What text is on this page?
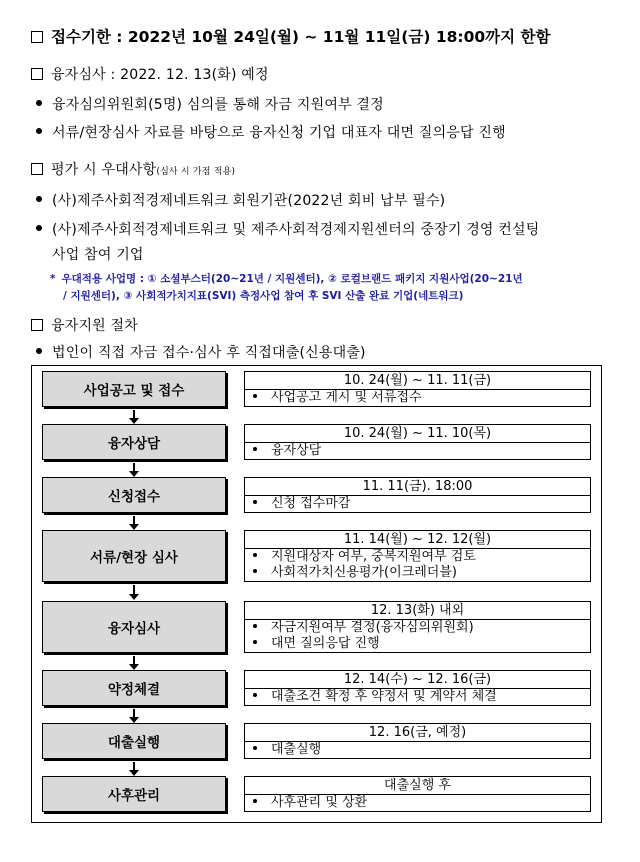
접수기한 : 2022년 10월 24일(월) ~ 11월 11일(금) 18:00까지 한함
융자심사 : 2022. 12. 13(화) 예정
융자심의위원회(5명) 심의를 통해 자금 지원여부 결정
서류/현장심사 자료를 바탕으로 융자신청 기업 대표자 대면 질의응답 진행
평가 시 우대사항(심사 시 가점 적용)
(사)제주사회적경제네트워크 회원기관(2022년 회비 납부 필수)
(사)제주사회적경제네트워크 및 제주사회적경제지원센터의 중장기 경영 컨설팅
사업 참여 기업
* 우대적용 사업명 : ① 소셜부스터(20~21년 / 지원센터), ② 로컬브랜드 패키지 지원사업(20~21년
/ 지원센터), ③ 사회적가치지표(SVI) 측정사업 참여 후 SVI 산출 완료 기업(네트워크)
융자지원 절차
법인이 직접 자금 접수·심사 후 직접대출(신용대출)
사업공고 및 접수
10. 24(월) ~ 11. 11(금)
사업공고 게시 및 서류접수
융자상담
10. 24(월) ~ 11. 10(목)
융자상담
신청접수
11. 11(금). 18:00
신청 접수마감
서류/현장 심사
11. 14(월) ~ 12. 12(월)
지원대상자 여부, 중복지원여부 검토
사회적가치신용평가(이크레더블)
융자심사
12. 13(화) 내외
자금지원여부 결정(융자심의위원회)
대면 질의응답 진행
약정체결
12. 14(수) ~ 12. 16(금)
대출조건 확정 후 약정서 및 계약서 체결
대출실행
12. 16(금, 예정)
대출실행
사후관리
대출실행 후
사후관리 및 상환
